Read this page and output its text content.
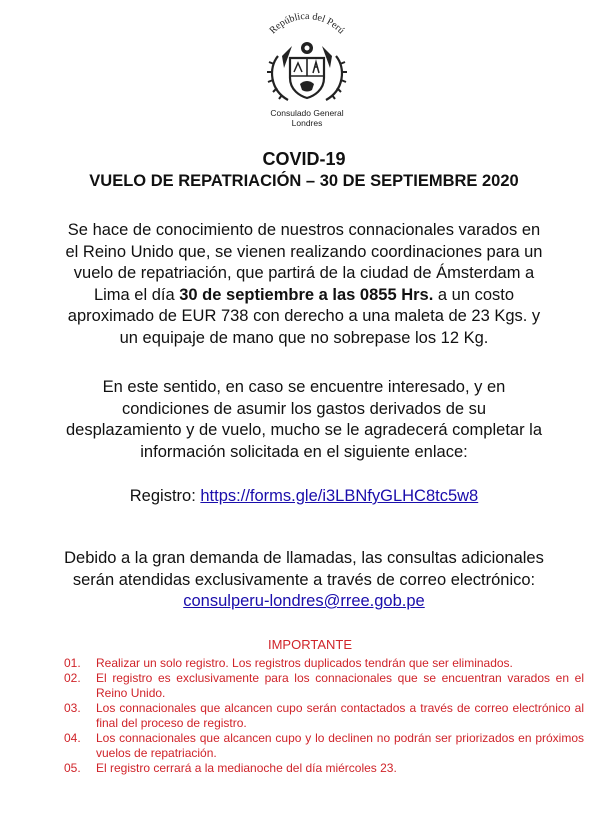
República del Perú
Consulado General
Londres
COVID-19
VUELO DE REPATRIACIÓN – 30 DE SEPTIEMBRE 2020
Se hace de conocimiento de nuestros connacionales varados en
el Reino Unido que, se vienen realizando coordinaciones para un
vuelo de repatriación, que partirá de la ciudad de Ámsterdam a
Lima el día 30 de septiembre a las 0855 Hrs. a un costo
aproximado de EUR 738 con derecho a una maleta de 23 Kgs. y
un equipaje de mano que no sobrepase los 12 Kg.
En este sentido, en caso se encuentre interesado, y en
condiciones de asumir los gastos derivados de su
desplazamiento y de vuelo, mucho se le agradecerá completar la
información solicitada en el siguiente enlace:
Registro: https://forms.gle/i3LBNfyGLHC8tc5w8
Debido a la gran demanda de llamadas, las consultas adicionales
serán atendidas exclusivamente a través de correo electrónico:
consulperu-londres@rree.gob.pe
IMPORTANTE
01. Realizar un solo registro. Los registros duplicados tendrán que ser eliminados.
02. El registro es exclusivamente para los connacionales que se encuentran varados en el Reino Unido.
03. Los connacionales que alcancen cupo serán contactados a través de correo electrónico al final del proceso de registro.
04. Los connacionales que alcancen cupo y lo declinen no podrán ser priorizados en próximos vuelos de repatriación.
05. El registro cerrará a la medianoche del día miércoles 23.
